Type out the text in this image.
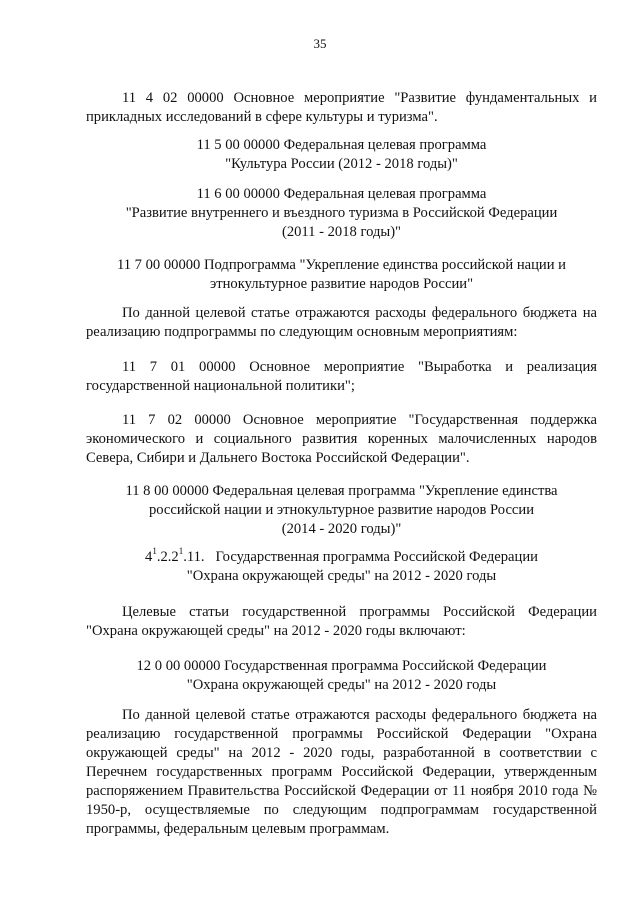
35

11 4 02 00000 Основное мероприятие "Развитие фундаментальных и прикладных исследований в сфере культуры и туризма".

11 5 00 00000 Федеральная целевая программа
"Культура России (2012 - 2018 годы)"
11 6 00 00000 Федеральная целевая программа
"Развитие внутреннего и въездного туризма в Российской Федерации
(2011 - 2018 годы)"
11 7 00 00000 Подпрограмма "Укрепление единства российской нации и
этнокультурное развитие народов России"

По данной целевой статье отражаются расходы федерального бюджета на реализацию подпрограммы по следующим основным мероприятиям:

11 7 01 00000 Основное мероприятие "Выработка и реализация государственной национальной политики";

11 7 02 00000 Основное мероприятие "Государственная поддержка экономического и социального развития коренных малочисленных народов Севера, Сибири и Дальнего Востока Российской Федерации".

11 8 00 00000 Федеральная целевая программа "Укрепление единства
российской нации и этнокультурное развитие народов России
(2014 - 2020 годы)"
$4^1.2.2^1.11$. Государственная программа Российской Федерации
"Охрана окружающей среды" на 2012 - 2020 годы

Целевые статьи государственной программы Российской Федерации "Охрана окружающей среды" на 2012 - 2020 годы включают:

12 0 00 00000 Государственная программа Российской Федерации
"Охрана окружающей среды" на 2012 - 2020 годы

По данной целевой статье отражаются расходы федерального бюджета на реализацию государственной программы Российской Федерации "Охрана окружающей среды" на 2012 - 2020 годы, разработанной в соответствии с Перечнем государственных программ Российской Федерации, утвержденным распоряжением Правительства Российской Федерации от 11 ноября 2010 года № 1950-р, осуществляемые по следующим подпрограммам государственной программы, федеральным целевым программам.
